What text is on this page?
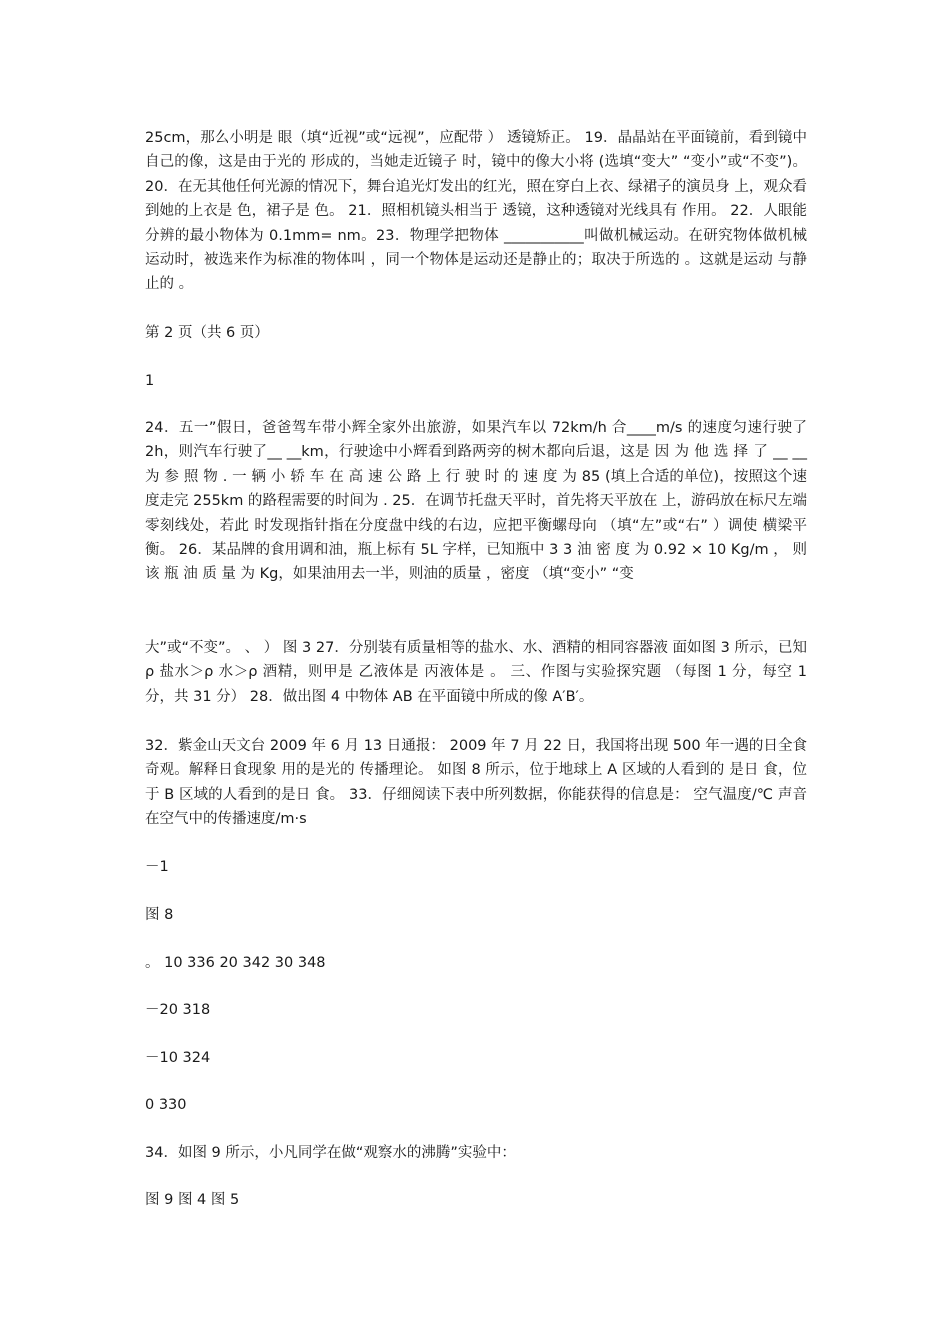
25cm，那么小明是 眼（填“近视”或“远视”，应配带 ） 透镜矫正。 19．晶晶站在平面镜前，看到镜中自己的像，这是由于光的 形成的，当她走近镜子 时，镜中的像大小将 (选填“变大” “变小”或“不变”)。 20．在无其他任何光源的情况下，舞台追光灯发出的红光，照在穿白上衣、绿裙子的演员身 上，观众看到她的上衣是 色，裙子是 色。 21．照相机镜头相当于 透镜，这种透镜对光线具有 作用。 22．人眼能分辨的最小物体为 0.1mm= nm。23．物理学把物体 ___________叫做机械运动。在研究物体做机械运动时，被选来作为标准的物体叫 ，同一个物体是运动还是静止的；取决于所选的 。这就是运动 与静止的 。

第 2 页（共 6 页）

1

24．五一”假日，爸爸驾车带小辉全家外出旅游，如果汽车以 72km/h 合____m/s 的速度匀速行驶了 2h，则汽车行驶了__ __km，行驶途中小辉看到路两旁的树木都向后退，这是 因 为 他 选 择 了 __ __ 为 参 照 物 . 一 辆 小 轿 车 在 高 速 公 路 上 行 驶 时 的 速 度 为 85 (填上合适的单位)，按照这个速度走完 255km 的路程需要的时间为 . 25．在调节托盘天平时，首先将天平放在 上，游码放在标尺左端零刻线处，若此 时发现指针指在分度盘中线的右边，应把平衡螺母向 （填“左”或“右” ）调使 横梁平衡。 26．某品牌的食用调和油，瓶上标有 5L 字样，已知瓶中 3 3 油 密 度 为 0.92 × 10 Kg/m ， 则 该 瓶 油 质 量 为 Kg，如果油用去一半，则油的质量 ，密度 （填“变小” “变

大”或“不变”。 、 ） 图 3 27．分别装有质量相等的盐水、水、酒精的相同容器液 面如图 3 所示，已知 ρ 盐水＞ρ 水＞ρ 酒精，则甲是 乙液体是 丙液体是 。 三、作图与实验探究题 （每图 1 分，每空 1 分，共 31 分） 28．做出图 4 中物体 AB 在平面镜中所成的像 A′B′。

32．紫金山天文台 2009 年 6 月 13 日通报： 2009 年 7 月 22 日，我国将出现 500 年一遇的日全食奇观。解释日食现象 用的是光的 传播理论。 如图 8 所示，位于地球上 A 区域的人看到的 是日 食，位于 B 区域的人看到的是日 食。 33．仔细阅读下表中所列数据，你能获得的信息是： 空气温度/℃ 声音在空气中的传播速度/m·s

－1

图 8

。 10 336 20 342 30 348

－20 318

－10 324

0 330

34．如图 9 所示，小凡同学在做“观察水的沸腾”实验中：

图 9 图 4 图 5
